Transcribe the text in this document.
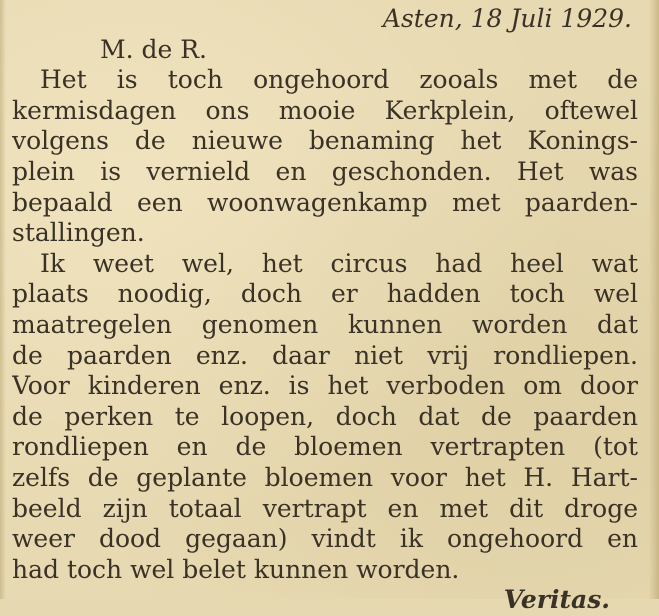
Asten, 18 Juli 1929.
M. de R.
Het is toch ongehoord zooals met de
kermisdagen ons mooie Kerkplein, oftewel
volgens de nieuwe benaming het Konings-
plein is vernield en geschonden. Het was
bepaald een woonwagenkamp met paarden-
stallingen.
Ik weet wel, het circus had heel wat
plaats noodig, doch er hadden toch wel
maatregelen genomen kunnen worden dat
de paarden enz. daar niet vrij rondliepen.
Voor kinderen enz. is het verboden om door
de perken te loopen, doch dat de paarden
rondliepen en de bloemen vertrapten (tot
zelfs de geplante bloemen voor het H. Hart-
beeld zijn totaal vertrapt en met dit droge
weer dood gegaan) vindt ik ongehoord en
had toch wel belet kunnen worden.
Veritas.
